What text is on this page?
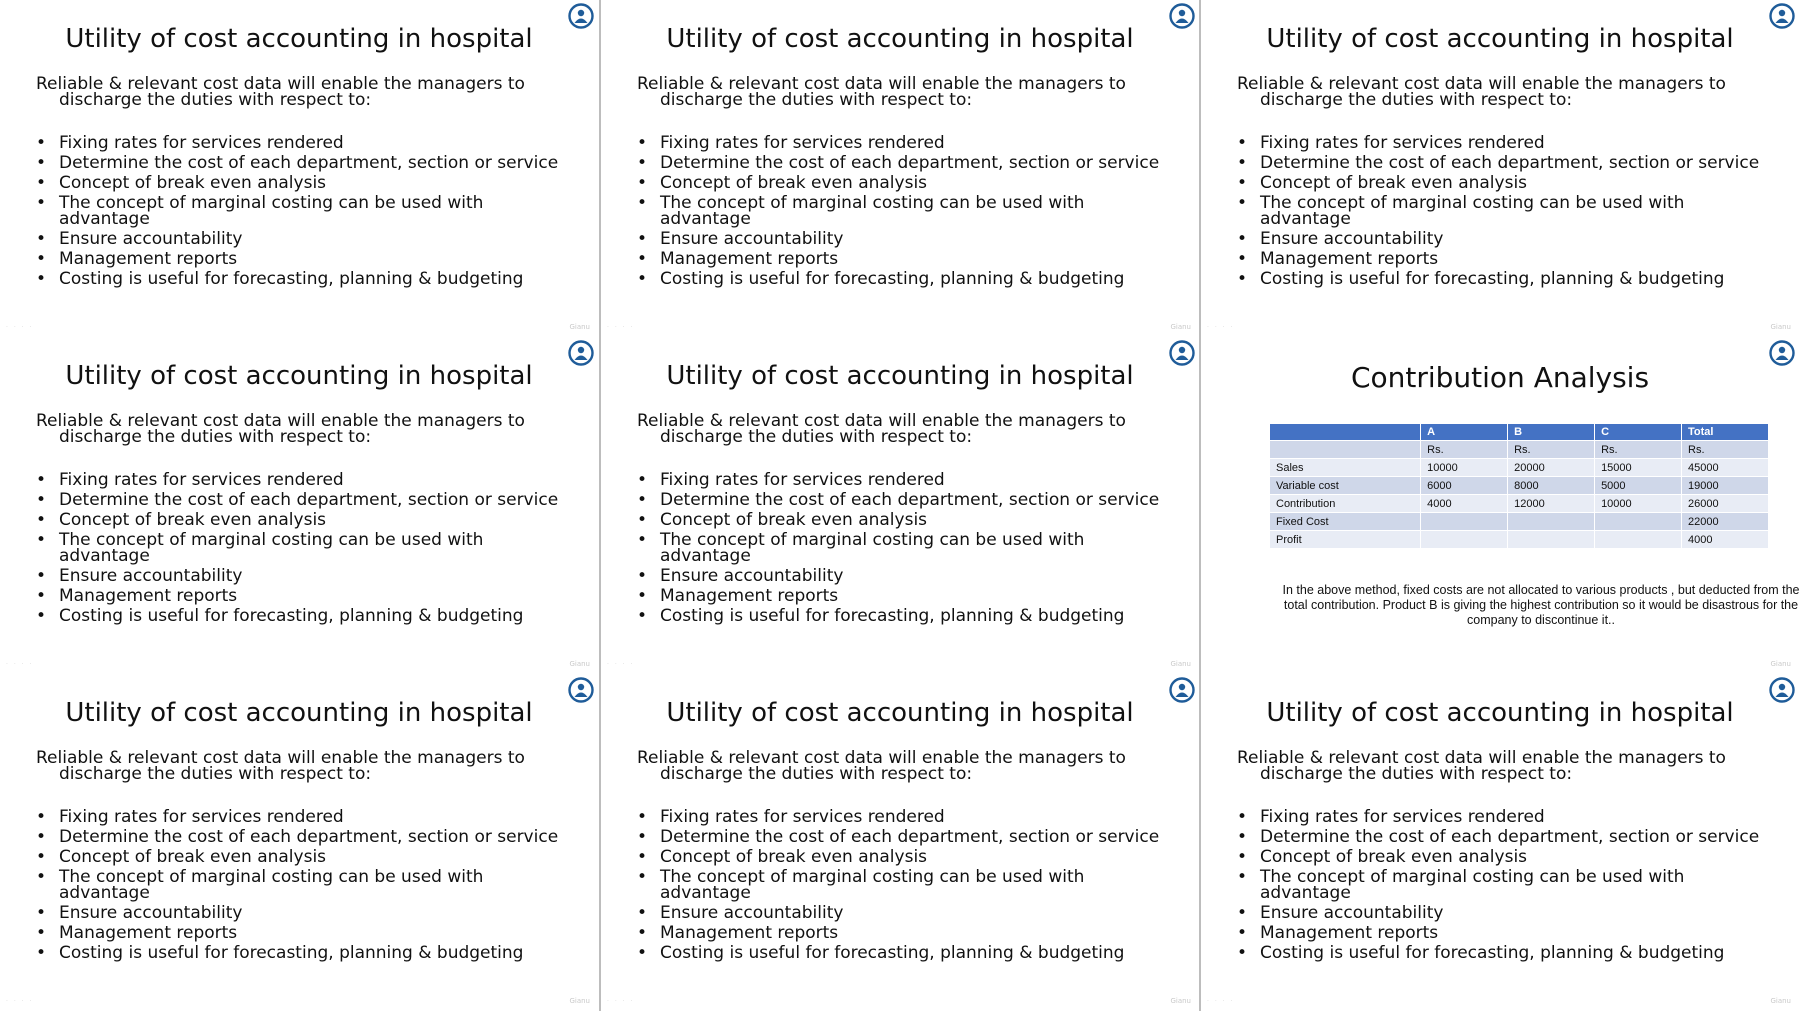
Contribution Analysis
	A	B	C	Total
	Rs.	Rs.	Rs.	Rs.
Sales	10000	20000	15000	45000
Variable cost	6000	8000	5000	19000
Contribution	4000	12000	10000	26000
Fixed Cost				22000
Profit				4000
In the above method, fixed costs are not allocated to various products , but deducted from the total contribution. Product B is giving the highest contribution so it would be disastrous for the company to discontinue it..
Gianu
Utility of cost accounting in hospital
Reliable & relevant cost data will enable the managers to
discharge the duties with respect to:
• Fixing rates for services rendered
• Determine the cost of each department, section or service
• Concept of break even analysis
• The concept of marginal costing can be used with advantage
• Ensure accountability
• Management reports
• Costing is useful for forecasting, planning & budgeting
· · · ·	Gianu
Utility of cost accounting in hospital
Reliable & relevant cost data will enable the managers to
discharge the duties with respect to:
• Fixing rates for services rendered
• Determine the cost of each department, section or service
• Concept of break even analysis
• The concept of marginal costing can be used with advantage
• Ensure accountability
• Management reports
• Costing is useful for forecasting, planning & budgeting
· · · ·	Gianu
Utility of cost accounting in hospital
Reliable & relevant cost data will enable the managers to
discharge the duties with respect to:
• Fixing rates for services rendered
• Determine the cost of each department, section or service
• Concept of break even analysis
• The concept of marginal costing can be used with advantage
• Ensure accountability
• Management reports
• Costing is useful for forecasting, planning & budgeting
· · · ·	Gianu
Utility of cost accounting in hospital
Reliable & relevant cost data will enable the managers to
discharge the duties with respect to:
• Fixing rates for services rendered
• Determine the cost of each department, section or service
• Concept of break even analysis
• The concept of marginal costing can be used with advantage
• Ensure accountability
• Management reports
• Costing is useful for forecasting, planning & budgeting
· · · ·	Gianu
Utility of cost accounting in hospital
Reliable & relevant cost data will enable the managers to
discharge the duties with respect to:
• Fixing rates for services rendered
• Determine the cost of each department, section or service
• Concept of break even analysis
• The concept of marginal costing can be used with advantage
• Ensure accountability
• Management reports
• Costing is useful for forecasting, planning & budgeting
· · · ·	Gianu
Utility of cost accounting in hospital
Reliable & relevant cost data will enable the managers to
discharge the duties with respect to:
• Fixing rates for services rendered
• Determine the cost of each department, section or service
• Concept of break even analysis
• The concept of marginal costing can be used with advantage
• Ensure accountability
• Management reports
• Costing is useful for forecasting, planning & budgeting
· · · ·	Gianu
Utility of cost accounting in hospital
Reliable & relevant cost data will enable the managers to
discharge the duties with respect to:
• Fixing rates for services rendered
• Determine the cost of each department, section or service
• Concept of break even analysis
• The concept of marginal costing can be used with advantage
• Ensure accountability
• Management reports
• Costing is useful for forecasting, planning & budgeting
· · · ·	Gianu
Utility of cost accounting in hospital
Reliable & relevant cost data will enable the managers to
discharge the duties with respect to:
• Fixing rates for services rendered
• Determine the cost of each department, section or service
• Concept of break even analysis
• The concept of marginal costing can be used with advantage
• Ensure accountability
• Management reports
• Costing is useful for forecasting, planning & budgeting
· · · ·	Gianu
